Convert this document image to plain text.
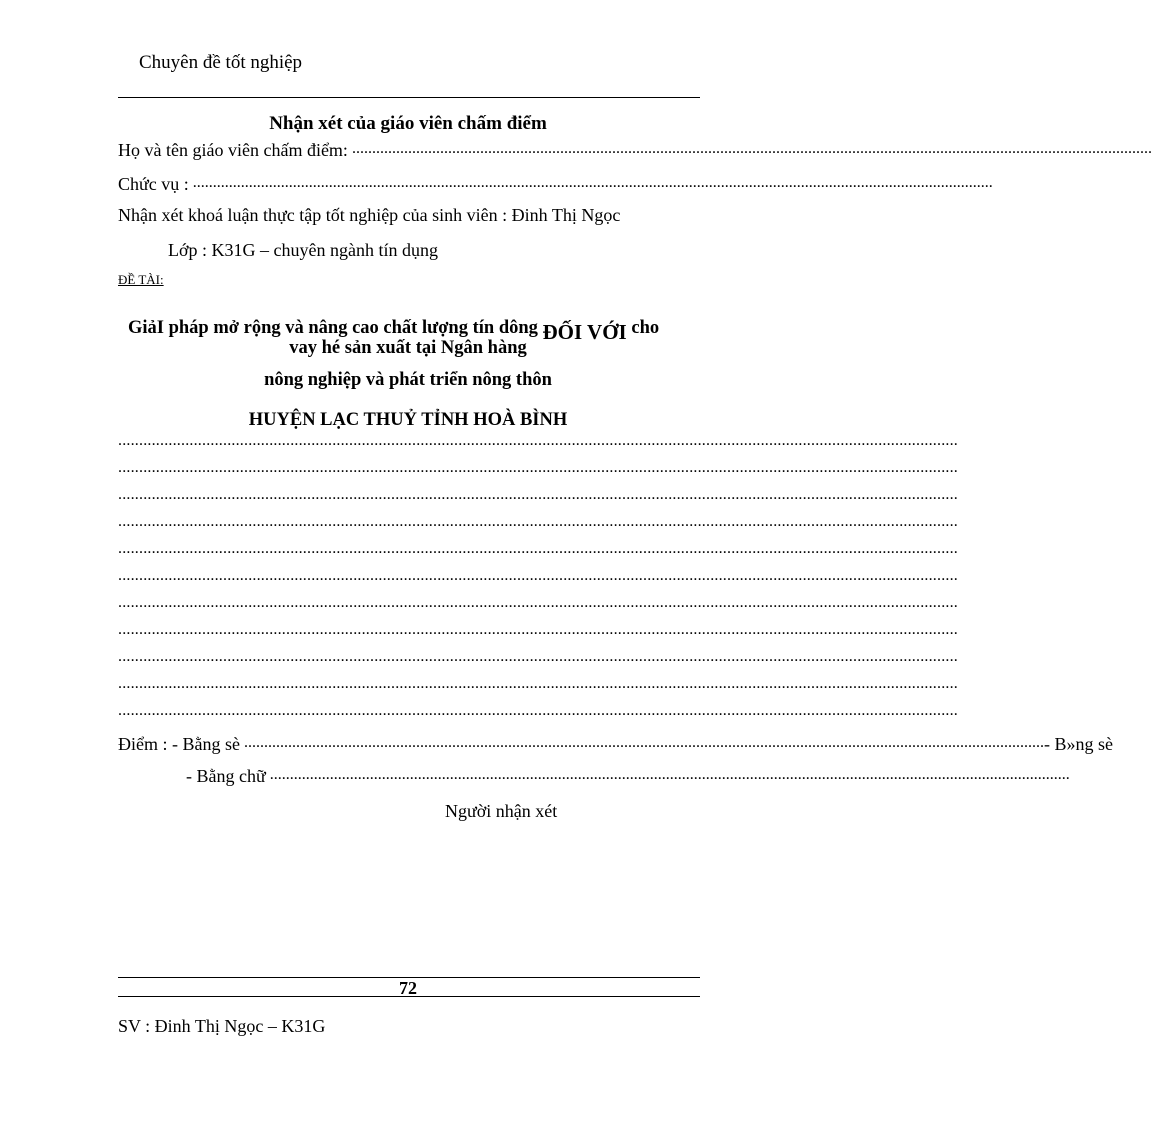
Chuyên đề tốt nghiệp
Nhận xét của giáo viên chấm điểm
Họ và tên giáo viên chấm điểm: ........................................................................................................................................................................................................
Chức vụ : ........................................................................................................................................................................................................
Nhận xét khoá luận thực tập tốt nghiệp của sinh viên : Đinh Thị Ngọc
Lớp : K31G – chuyên ngành tín dụng
ĐỀ TÀI:
GiảI pháp mở rộng và nâng cao chất lượng tín dông ĐỐI VỚI cho
vay hé sản xuất tại Ngân hàng
nông nghiệp và phát triển nông thôn
HUYỆN LẠC THUỶ TỈNH HOÀ BÌNH
........................................................................................................................................................................................................
........................................................................................................................................................................................................
........................................................................................................................................................................................................
........................................................................................................................................................................................................
........................................................................................................................................................................................................
........................................................................................................................................................................................................
........................................................................................................................................................................................................
........................................................................................................................................................................................................
........................................................................................................................................................................................................
........................................................................................................................................................................................................
........................................................................................................................................................................................................
Điểm : - Bằng sè ........................................................................................................................................................................................................ - B»ng sè
- Bằng chữ ........................................................................................................................................................................................................
Người nhận xét
72
SV : Đinh Thị Ngọc – K31G
